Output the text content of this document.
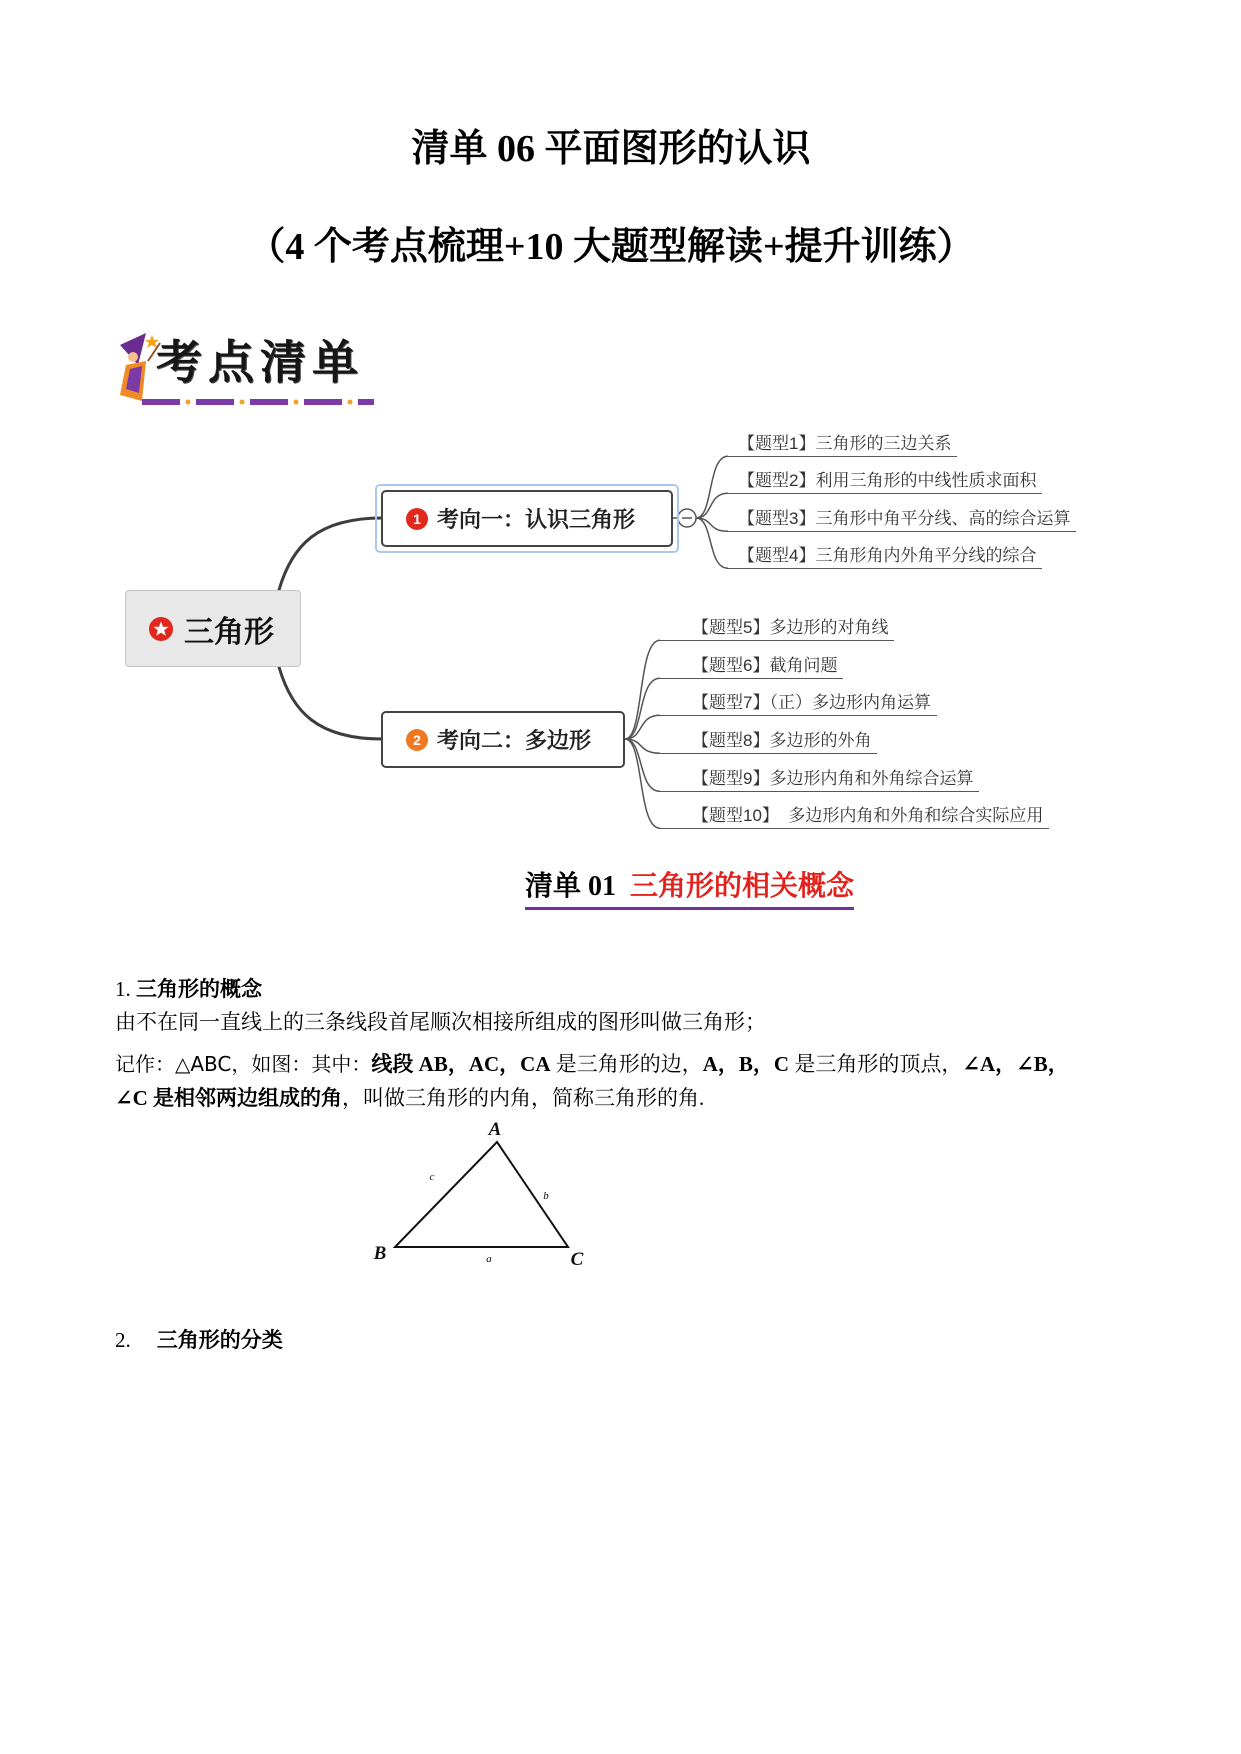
清单 06 平面图形的认识
（4 个考点梳理+10 大题型解读+提升训练）
考点清单
三角形
1 考向一：认识三角形
2 考向二：多边形
【题型1】三角形的三边关系
【题型2】利用三角形的中线性质求面积
【题型3】三角形中角平分线、高的综合运算
【题型4】三角形角内外角平分线的综合
【题型5】多边形的对角线
【题型6】截角问题
【题型7】（正）多边形内角运算
【题型8】多边形的外角
【题型9】多边形内角和外角综合运算
【题型10】  多边形内角和外角和综合实际应用
清单 01 三角形的相关概念
1. 三角形的概念
由不在同一直线上的三条线段首尾顺次相接所组成的图形叫做三角形；
记作：△ABC，如图：其中：线段 AB，AC，CA 是三角形的边，A，B，C 是三角形的顶点，∠A，∠B，
∠C 是相邻两边组成的角，叫做三角形的内角，简称三角形的角.
A
B	C
a
b
c
2. 三角形的分类
